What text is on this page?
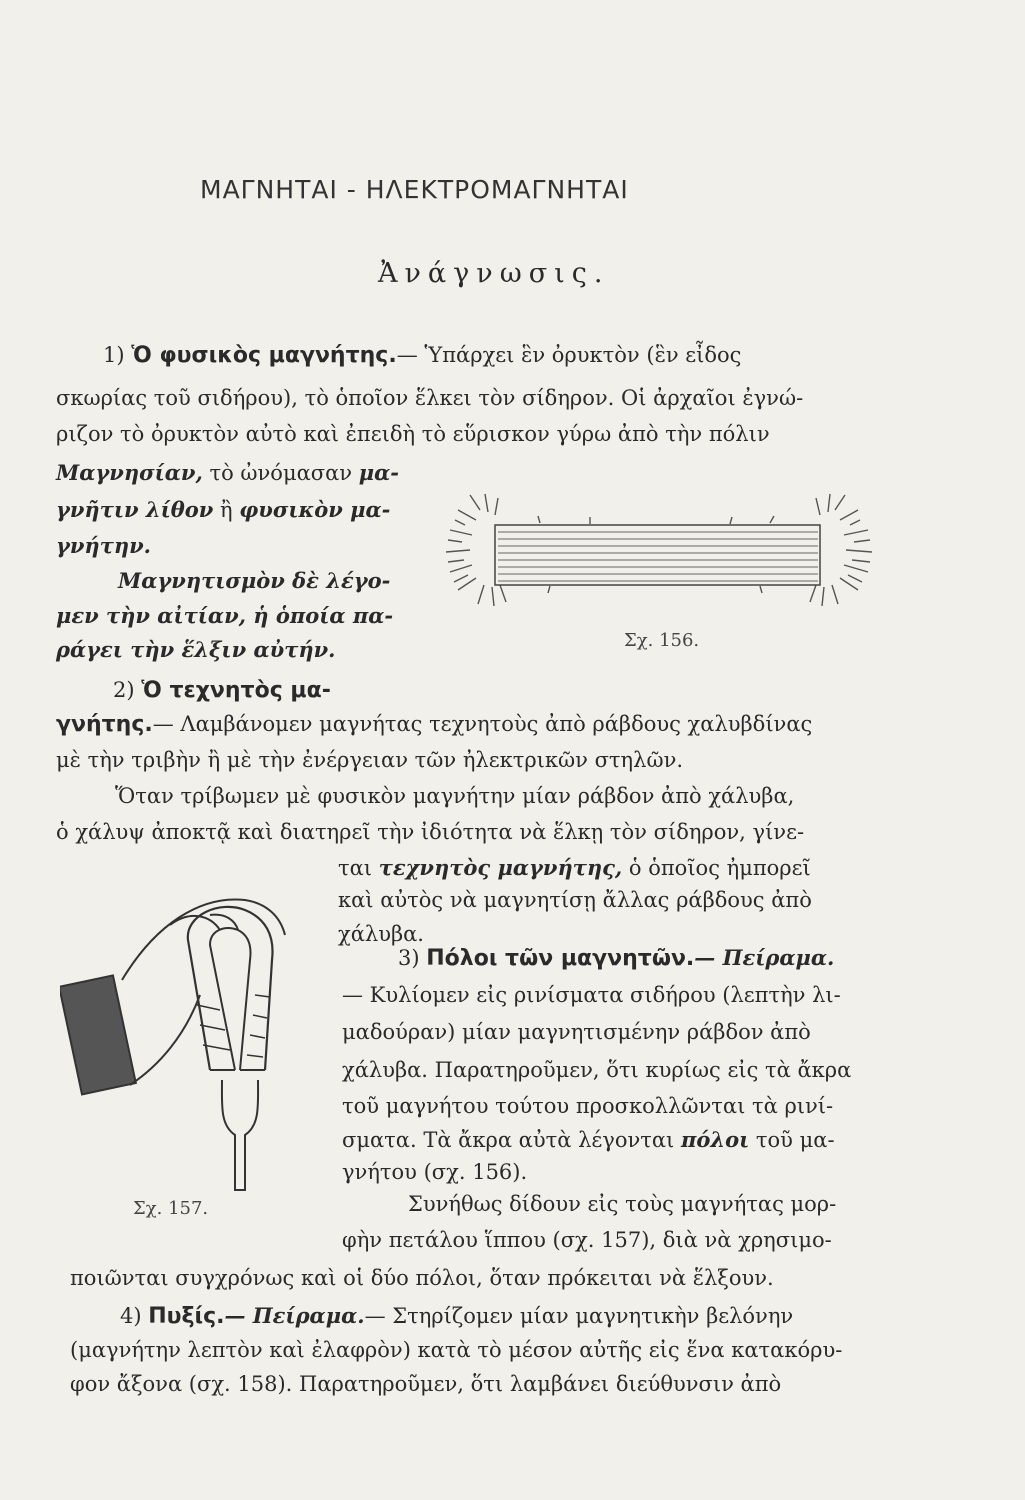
ΜΑΓΝΗΤΑΙ - ΗΛΕΚΤΡΟΜΑΓΝΗΤΑΙ
Ἀνάγνωσις.
1) Ὁ φυσικὸς μαγνήτης.— Ὑπάρχει ἓν ὀρυκτὸν (ἓν εἶδος
σκωρίας τοῦ σιδήρου), τὸ ὁποῖον ἕλκει τὸν σίδηρον. Οἱ ἀρχαῖοι ἐγνώ-
ριζον τὸ ὀρυκτὸν αὐτὸ καὶ ἐπειδὴ τὸ εὕρισκον γύρω ἀπὸ τὴν πόλιν
Μαγνησίαν, τὸ ὠνόμασαν μα-
γνῆτιν λίθον ἢ φυσικὸν μα-
γνήτην.
Μαγνητισμὸν δὲ λέγο-
μεν τὴν αἰτίαν, ἡ ὁποία πα-
ράγει τὴν ἕλξιν αὐτήν.	Σχ. 156.
2) Ὁ τεχνητὸς μα-
γνήτης.— Λαμβάνομεν μαγνήτας τεχνητοὺς ἀπὸ ράβδους χαλυβδίνας
μὲ τὴν τριβὴν ἢ μὲ τὴν ἐνέργειαν τῶν ἠλεκτρικῶν στηλῶν.
Ὅταν τρίβωμεν μὲ φυσικὸν μαγνήτην μίαν ράβδον ἀπὸ χάλυβα,
ὁ χάλυψ ἀποκτᾷ καὶ διατηρεῖ τὴν ἰδιότητα νὰ ἕλκῃ τὸν σίδηρον, γίνε-
ται τεχνητὸς μαγνήτης, ὁ ὁποῖος ἠμπορεῖ
καὶ αὐτὸς νὰ μαγνητίσῃ ἄλλας ράβδους ἀπὸ
χάλυβα.
Σχ. 157.
3) Πόλοι τῶν μαγνητῶν.— Πείραμα.
— Κυλίομεν εἰς ρινίσματα σιδήρου (λεπτὴν λι-
μαδούραν) μίαν μαγνητισμένην ράβδον ἀπὸ
χάλυβα. Παρατηροῦμεν, ὅτι κυρίως εἰς τὰ ἄκρα
τοῦ μαγνήτου τούτου προσκολλῶνται τὰ ρινί-
σματα. Τὰ ἄκρα αὐτὰ λέγονται πόλοι τοῦ μα-
γνήτου (σχ. 156).
Συνήθως δίδουν εἰς τοὺς μαγνήτας μορ-
φὴν πετάλου ἵππου (σχ. 157), διὰ νὰ χρησιμο-
ποιῶνται συγχρόνως καὶ οἱ δύο πόλοι, ὅταν πρόκειται νὰ ἕλξουν.
4) Πυξίς.— Πείραμα.— Στηρίζομεν μίαν μαγνητικὴν βελόνην
(μαγνήτην λεπτὸν καὶ ἐλαφρὸν) κατὰ τὸ μέσον αὐτῆς εἰς ἕνα κατακόρυ-
φον ἄξονα (σχ. 158). Παρατηροῦμεν, ὅτι λαμβάνει διεύθυνσιν ἀπὸ
